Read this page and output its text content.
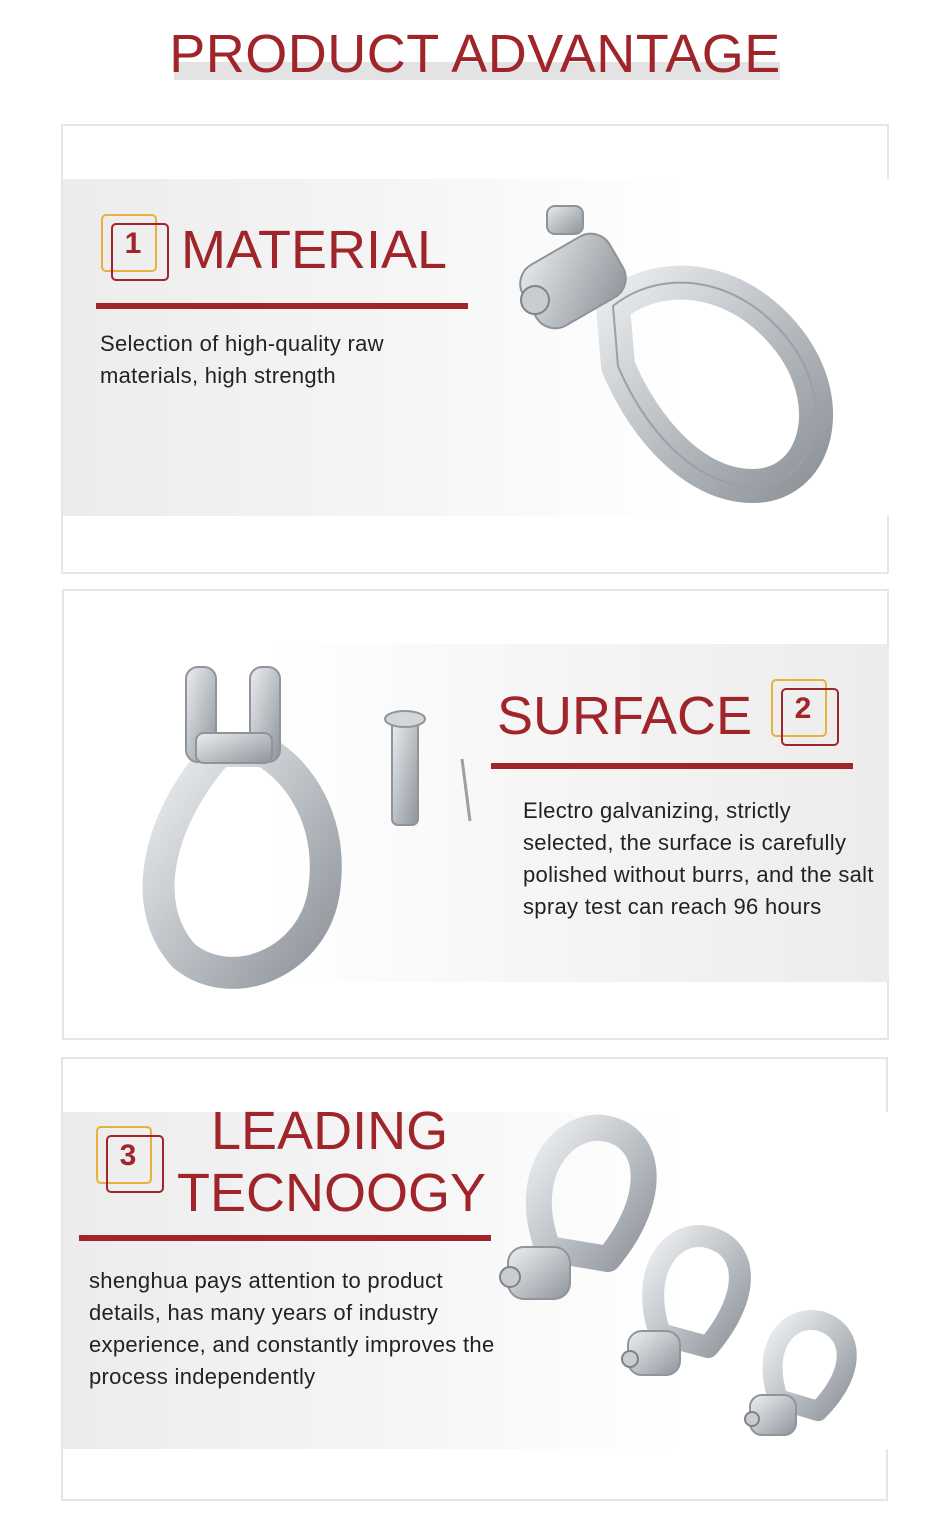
PRODUCT ADVANTAGE
1 MATERIAL
Selection of high-quality raw materials, high strength
SURFACE	2
Electro galvanizing, strictly selected, the surface is carefully polished without burrs, and the salt spray test can reach 96 hours
3	LEADING
TECNOOGY
shenghua pays attention to product details, has many years of industry experience, and constantly improves the process independently
